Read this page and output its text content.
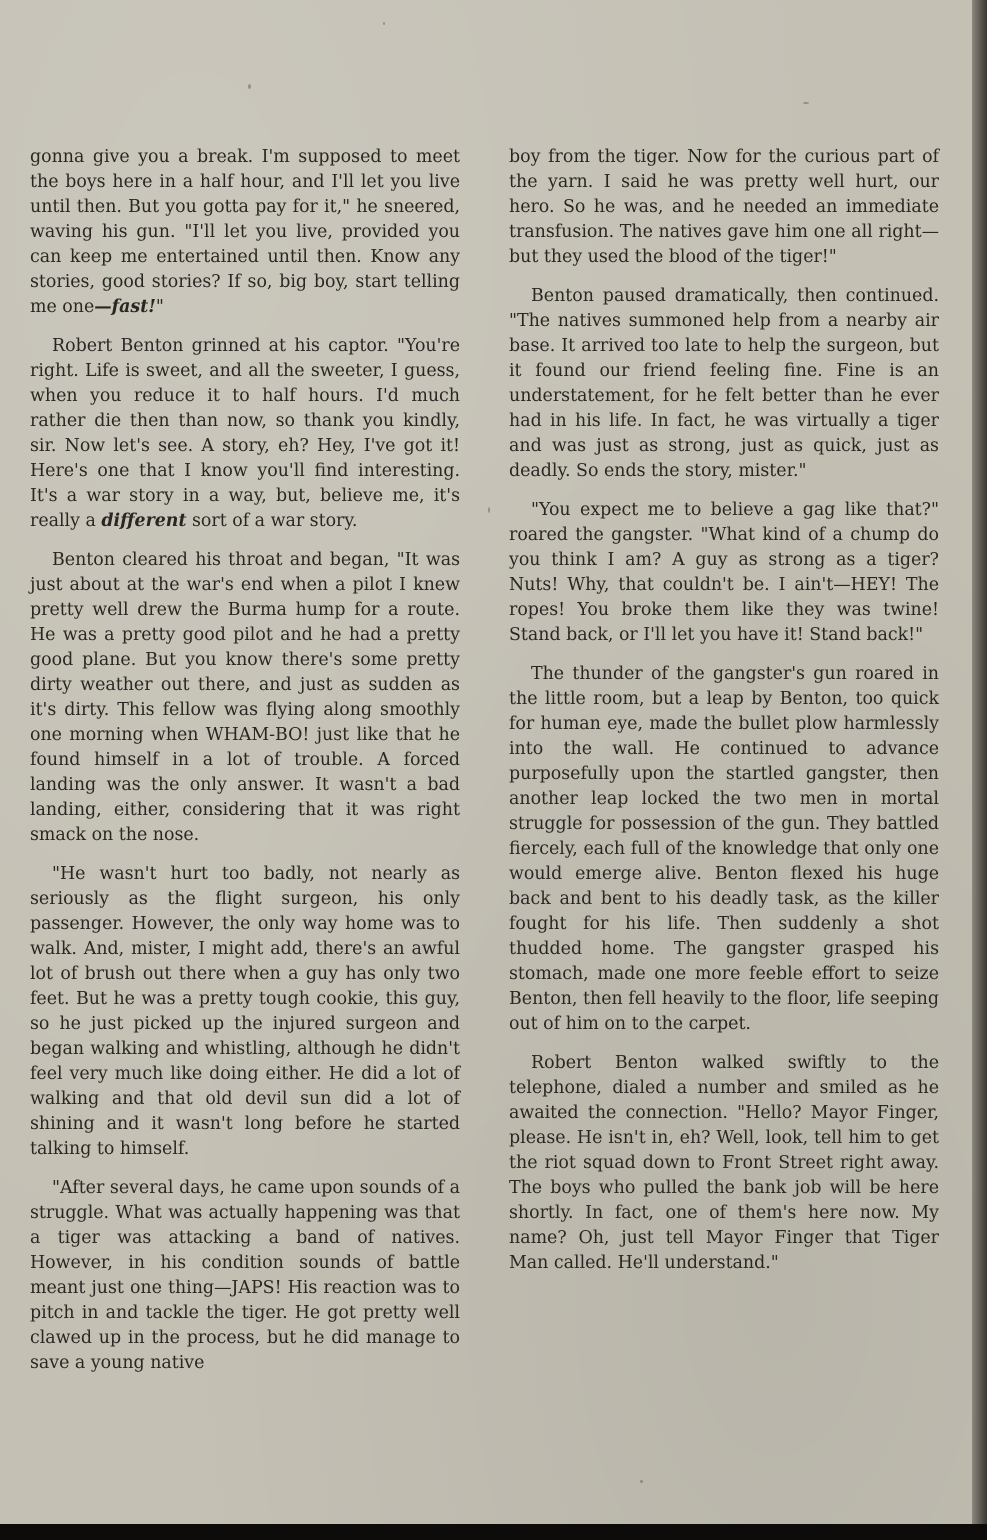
gonna give you a break. I'm supposed to meet the boys here in a half hour, and I'll let you live until then. But you gotta pay for it," he sneered, waving his gun. "I'll let you live, provided you can keep me entertained until then. Know any stories, good stories? If so, big boy, start telling me one—fast!"

Robert Benton grinned at his captor. "You're right. Life is sweet, and all the sweeter, I guess, when you reduce it to half hours. I'd much rather die then than now, so thank you kindly, sir. Now let's see. A story, eh? Hey, I've got it! Here's one that I know you'll find interesting. It's a war story in a way, but, believe me, it's really a different sort of a war story.

Benton cleared his throat and began, "It was just about at the war's end when a pilot I knew pretty well drew the Burma hump for a route. He was a pretty good pilot and he had a pretty good plane. But you know there's some pretty dirty weather out there, and just as sudden as it's dirty. This fellow was flying along smoothly one morning when WHAM-BO! just like that he found himself in a lot of trouble. A forced landing was the only answer. It wasn't a bad landing, either, considering that it was right smack on the nose.

"He wasn't hurt too badly, not nearly as seriously as the flight surgeon, his only passenger. However, the only way home was to walk. And, mister, I might add, there's an awful lot of brush out there when a guy has only two feet. But he was a pretty tough cookie, this guy, so he just picked up the injured surgeon and began walking and whistling, although he didn't feel very much like doing either. He did a lot of walking and that old devil sun did a lot of shining and it wasn't long before he started talking to himself.

"After several days, he came upon sounds of a struggle. What was actually happening was that a tiger was attacking a band of natives. However, in his condition sounds of battle meant just one thing—JAPS! His reaction was to pitch in and tackle the tiger. He got pretty well clawed up in the process, but he did manage to save a young native

boy from the tiger. Now for the curious part of the yarn. I said he was pretty well hurt, our hero. So he was, and he needed an immediate transfusion. The natives gave him one all right—but they used the blood of the tiger!"

Benton paused dramatically, then continued. "The natives summoned help from a nearby air base. It arrived too late to help the surgeon, but it found our friend feeling fine. Fine is an understatement, for he felt better than he ever had in his life. In fact, he was virtually a tiger and was just as strong, just as quick, just as deadly. So ends the story, mister."

"You expect me to believe a gag like that?" roared the gangster. "What kind of a chump do you think I am? A guy as strong as a tiger? Nuts! Why, that couldn't be. I ain't—HEY! The ropes! You broke them like they was twine! Stand back, or I'll let you have it! Stand back!"

The thunder of the gangster's gun roared in the little room, but a leap by Benton, too quick for human eye, made the bullet plow harmlessly into the wall. He continued to advance purposefully upon the startled gangster, then another leap locked the two men in mortal struggle for possession of the gun. They battled fiercely, each full of the knowledge that only one would emerge alive. Benton flexed his huge back and bent to his deadly task, as the killer fought for his life. Then suddenly a shot thudded home. The gangster grasped his stomach, made one more feeble effort to seize Benton, then fell heavily to the floor, life seeping out of him on to the carpet.

Robert Benton walked swiftly to the telephone, dialed a number and smiled as he awaited the connection. "Hello? Mayor Finger, please. He isn't in, eh? Well, look, tell him to get the riot squad down to Front Street right away. The boys who pulled the bank job will be here shortly. In fact, one of them's here now. My name? Oh, just tell Mayor Finger that Tiger Man called. He'll understand."
